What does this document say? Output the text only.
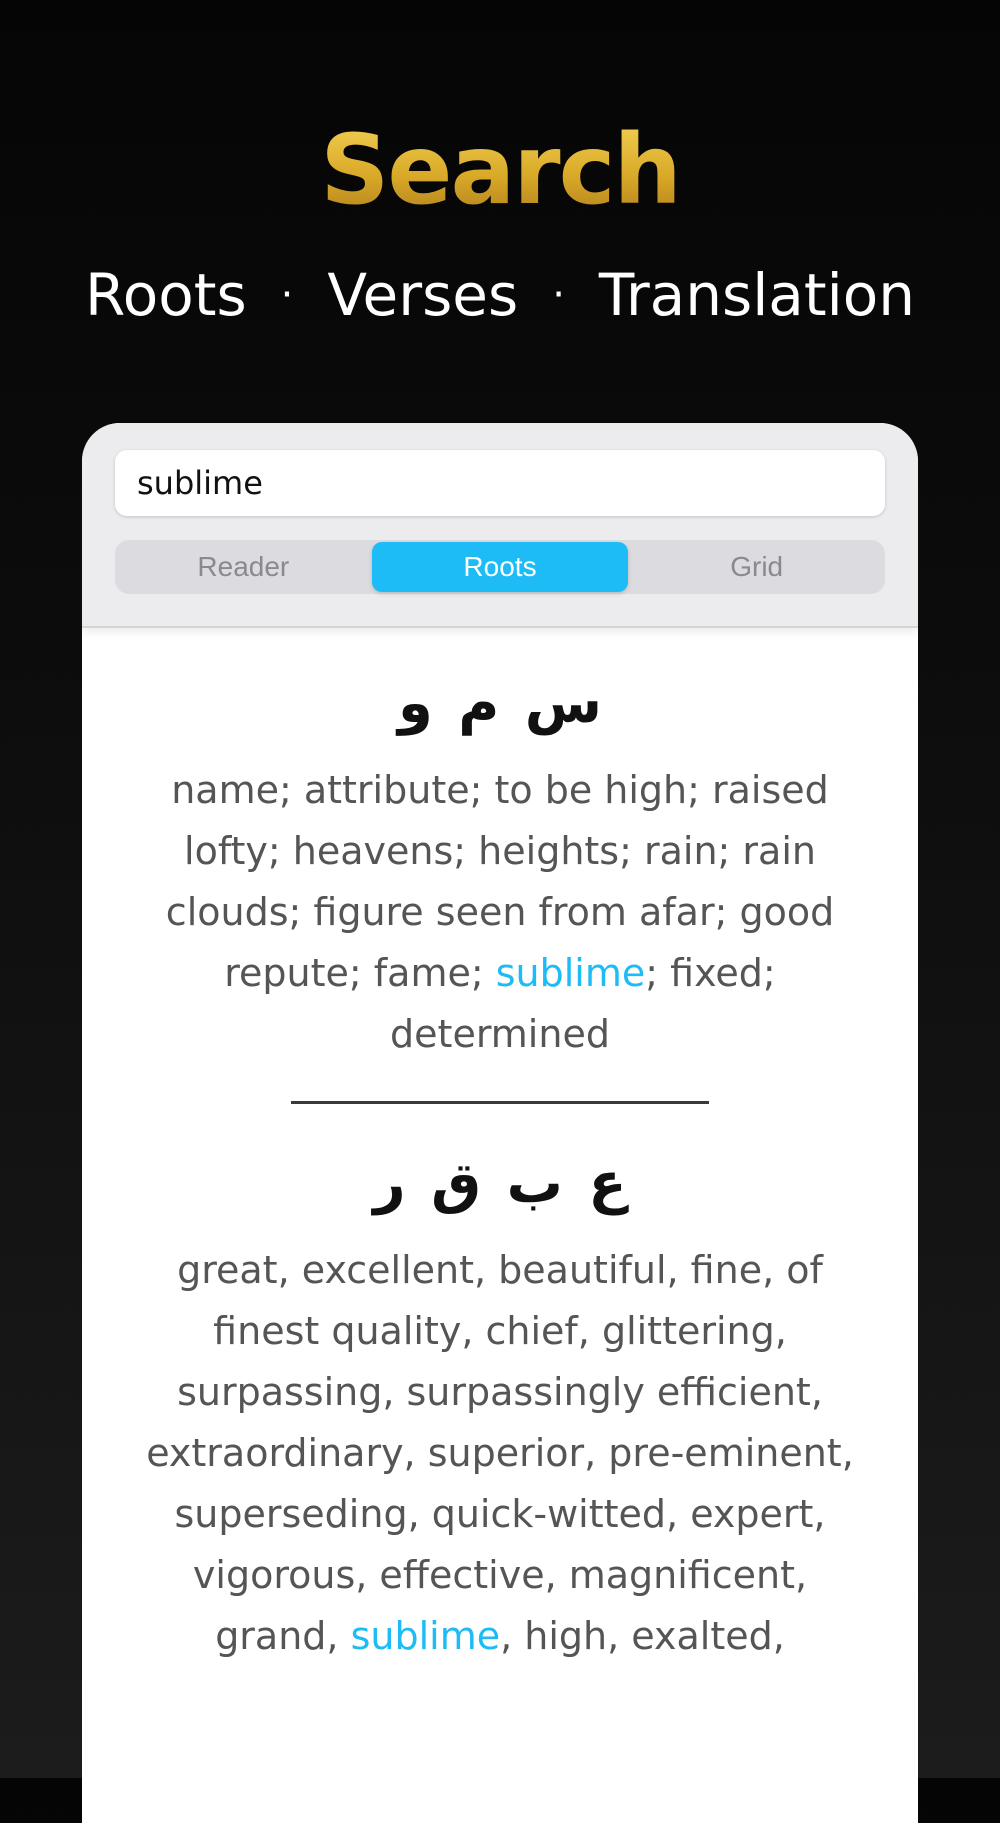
Search
Roots · Verses · Translation
sublime
Reader	Roots	Grid
س م و
name; attribute; to be high; raised lofty; heavens; heights; rain; rain clouds; figure seen from afar; good repute; fame; sublime; fixed; determined
ع ب ق ر
great, excellent, beautiful, fine, of finest quality, chief, glittering, surpassing, surpassingly efficient, extraordinary, superior, pre-eminent, superseding, quick-witted, expert, vigorous, effective, magnificent, grand, sublime, high, exalted,
